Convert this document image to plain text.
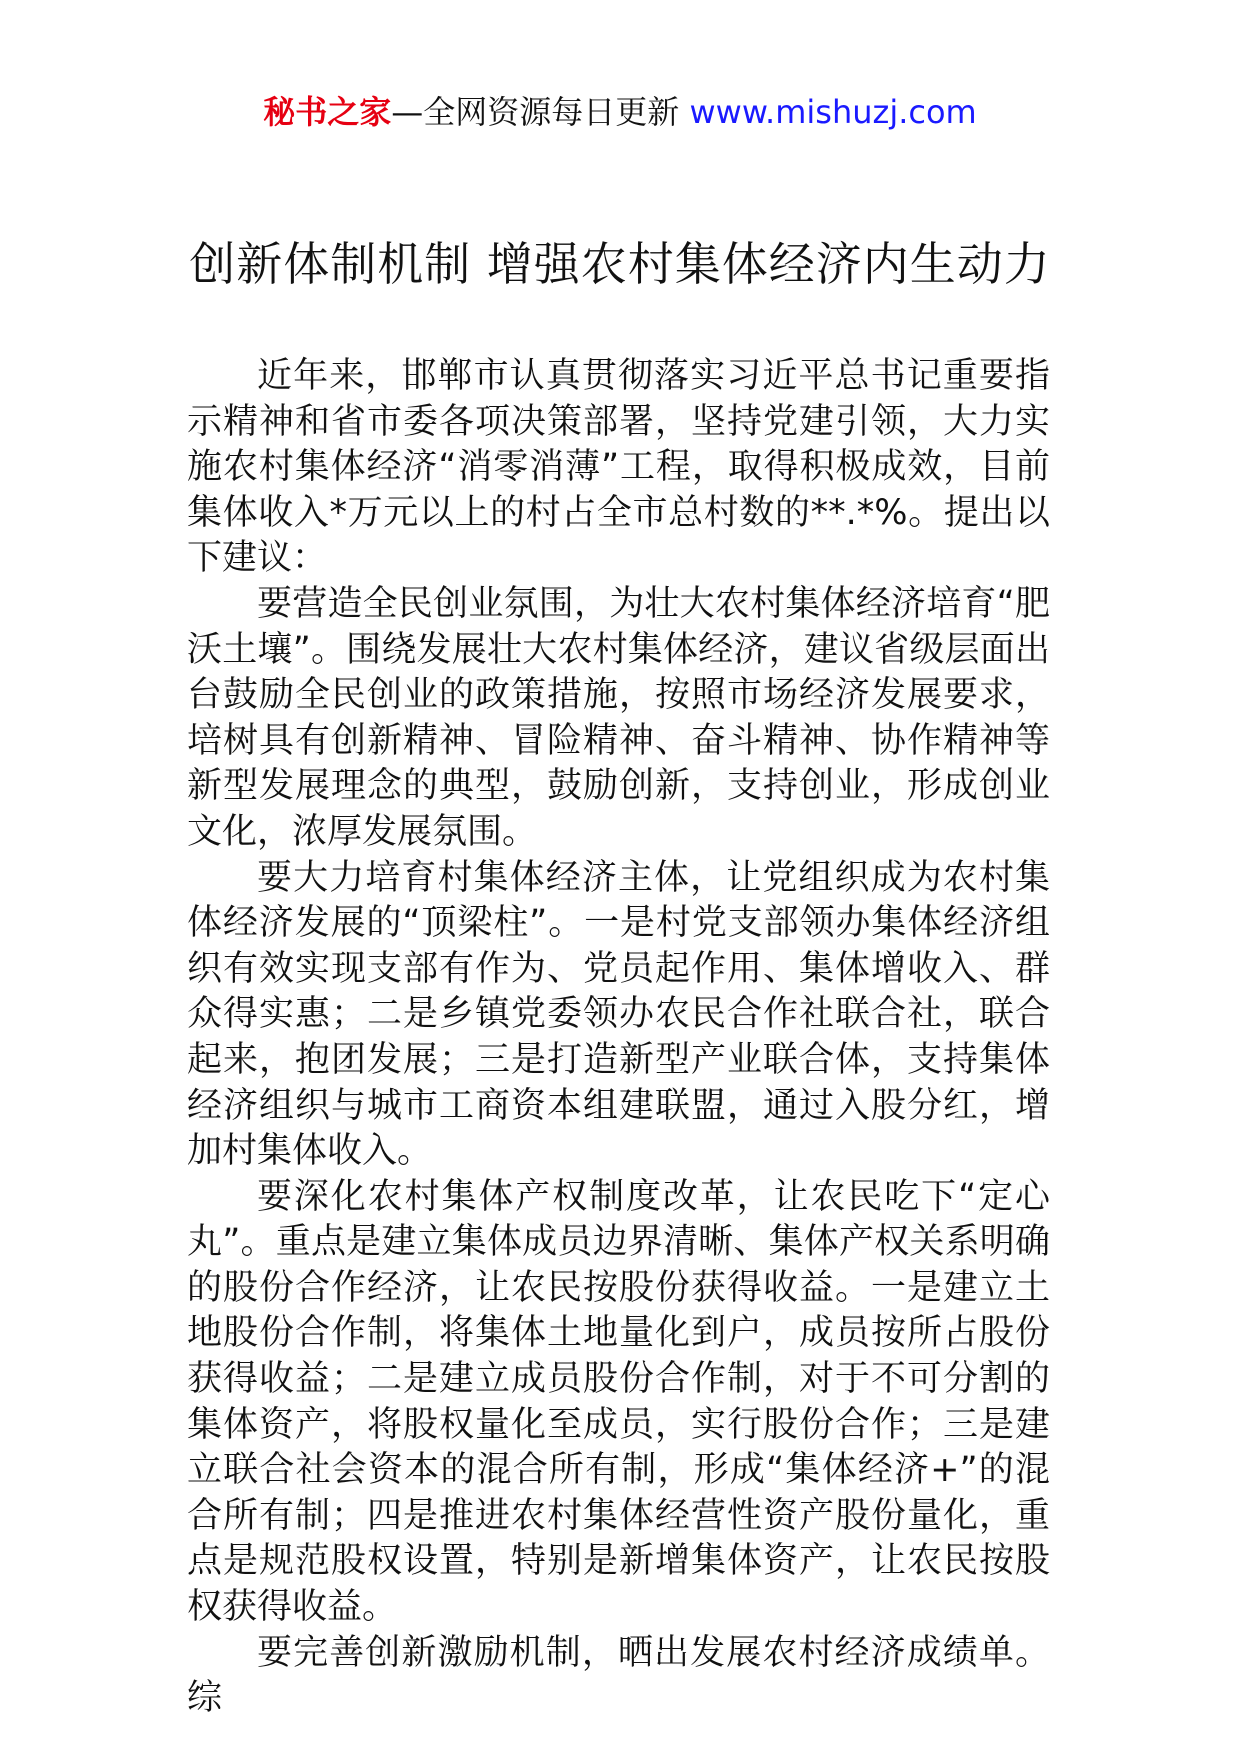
秘书之家—全网资源每日更新 www.mishuzj.com
创新体制机制 增强农村集体经济内生动力

近年来，邯郸市认真贯彻落实习近平总书记重要指示精神和省市委各项决策部署，坚持党建引领，大力实施农村集体经济“消零消薄”工程，取得积极成效，目前集体收入*万元以上的村占全市总村数的**.*%。提出以下建议：

要营造全民创业氛围，为壮大农村集体经济培育“肥沃土壤”。围绕发展壮大农村集体经济，建议省级层面出台鼓励全民创业的政策措施，按照市场经济发展要求，培树具有创新精神、冒险精神、奋斗精神、协作精神等新型发展理念的典型，鼓励创新，支持创业，形成创业文化，浓厚发展氛围。

要大力培育村集体经济主体，让党组织成为农村集体经济发展的“顶梁柱”。一是村党支部领办集体经济组织有效实现支部有作为、党员起作用、集体增收入、群众得实惠；二是乡镇党委领办农民合作社联合社，联合起来，抱团发展；三是打造新型产业联合体，支持集体经济组织与城市工商资本组建联盟，通过入股分红，增加村集体收入。

要深化农村集体产权制度改革，让农民吃下“定心丸”。重点是建立集体成员边界清晰、集体产权关系明确的股份合作经济，让农民按股份获得收益。一是建立土地股份合作制，将集体土地量化到户，成员按所占股份获得收益；二是建立成员股份合作制，对于不可分割的集体资产，将股权量化至成员，实行股份合作；三是建立联合社会资本的混合所有制，形成“集体经济+”的混合所有制；四是推进农村集体经营性资产股份量化，重点是规范股权设置，特别是新增集体资产，让农民按股权获得收益。

要完善创新激励机制，晒出发展农村经济成绩单。综
